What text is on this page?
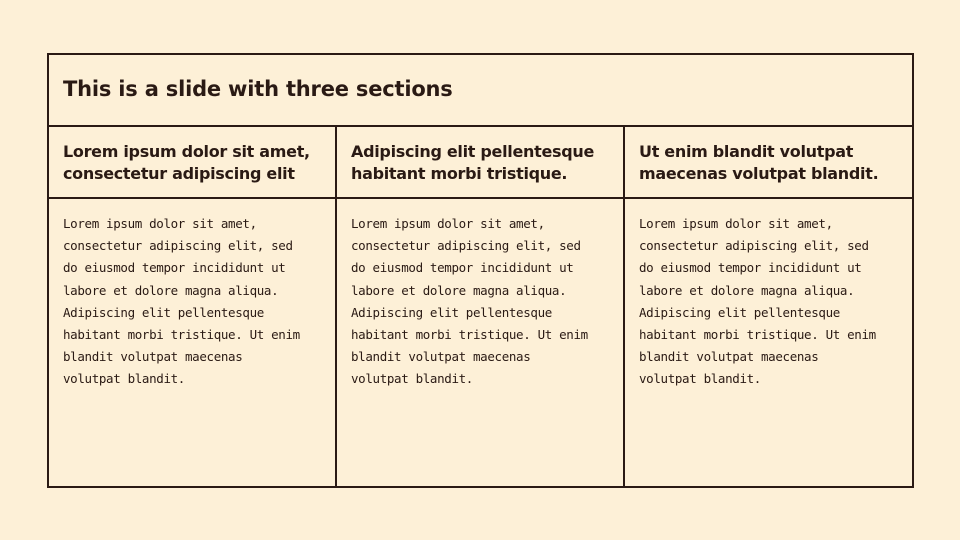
This is a slide with three sections
Lorem ipsum dolor sit amet,
consectetur adipiscing elit

Lorem ipsum dolor sit amet,
consectetur adipiscing elit, sed
do eiusmod tempor incididunt ut
labore et dolore magna aliqua.
Adipiscing elit pellentesque
habitant morbi tristique. Ut enim
blandit volutpat maecenas
volutpat blandit.

Adipiscing elit pellentesque
habitant morbi tristique.

Lorem ipsum dolor sit amet,
consectetur adipiscing elit, sed
do eiusmod tempor incididunt ut
labore et dolore magna aliqua.
Adipiscing elit pellentesque
habitant morbi tristique. Ut enim
blandit volutpat maecenas
volutpat blandit.

Ut enim blandit volutpat
maecenas volutpat blandit.

Lorem ipsum dolor sit amet,
consectetur adipiscing elit, sed
do eiusmod tempor incididunt ut
labore et dolore magna aliqua.
Adipiscing elit pellentesque
habitant morbi tristique. Ut enim
blandit volutpat maecenas
volutpat blandit.
